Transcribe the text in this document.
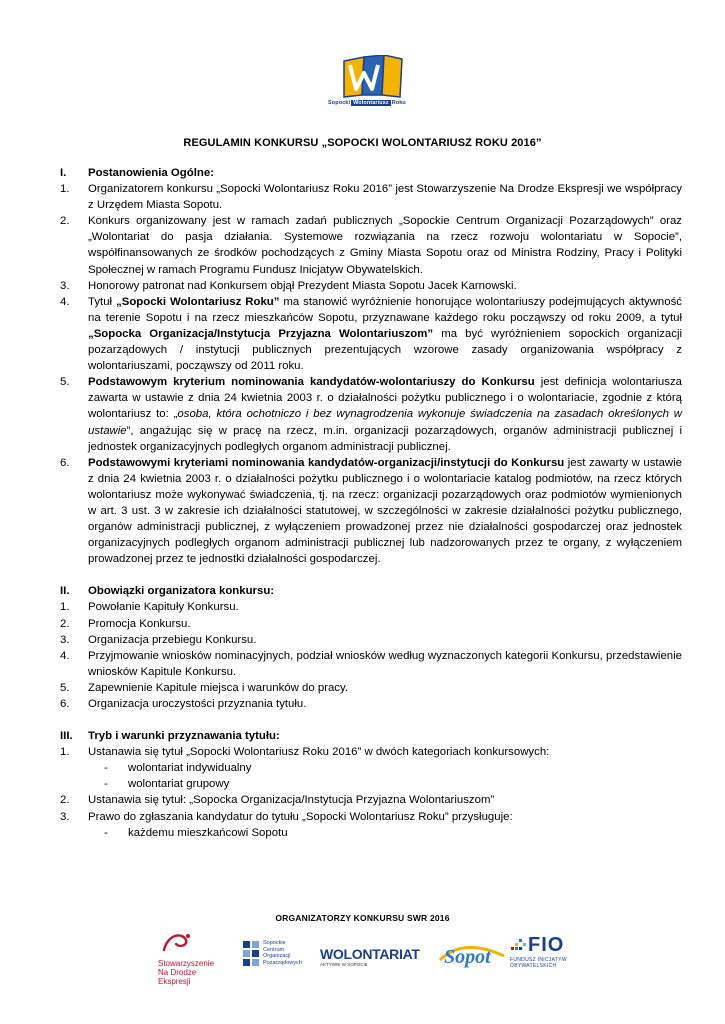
Sopocki Wolontariusz Roku
REGULAMIN KONKURSU „SOPOCKI WOLONTARIUSZ ROKU 2016”
I.	Postanowienia Ogólne:
1.	Organizatorem konkursu „Sopocki Wolontariusz Roku 2016” jest Stowarzyszenie Na Drodze Ekspresji we współpracy z Urzędem Miasta Sopotu.
2.	Konkurs organizowany jest w ramach zadań publicznych „Sopockie Centrum Organizacji Pozarządowych” oraz „Wolontariat do pasja działania. Systemowe rozwiązania na rzecz rozwoju wolontariatu w Sopocie”, współfinansowanych ze środków pochodzących z Gminy Miasta Sopotu oraz od Ministra Rodziny, Pracy i Polityki Społecznej w ramach Programu Fundusz Inicjatyw Obywatelskich.
3.	Honorowy patronat nad Konkursem objął Prezydent Miasta Sopotu Jacek Karnowski.
4.	Tytuł „Sopocki Wolontariusz Roku” ma stanowić wyróżnienie honorujące wolontariuszy podejmujących aktywność na terenie Sopotu i na rzecz mieszkańców Sopotu, przyznawane każdego roku począwszy od roku 2009, a tytuł „Sopocka Organizacja/Instytucja Przyjazna Wolontariuszom” ma być wyróżnieniem sopockich organizacji pozarządowych / instytucji publicznych prezentujących wzorowe zasady organizowania współpracy z wolontariuszami, począwszy od 2011 roku.
5.	Podstawowym kryterium nominowania kandydatów-wolontariuszy do Konkursu jest definicja wolontariusza zawarta w ustawie z dnia 24 kwietnia 2003 r. o działalności pożytku publicznego i o wolontariacie, zgodnie z którą wolontariusz to: „osoba, która ochotniczo i bez wynagrodzenia wykonuje świadczenia na zasadach określonych w ustawie”, angażując się w pracę na rzecz, m.in. organizacji pozarządowych, organów administracji publicznej i jednostek organizacyjnych podległych organom administracji publicznej.
6.	Podstawowymi kryteriami nominowania kandydatów-organizacji/instytucji do Konkursu jest zawarty w ustawie z dnia 24 kwietnia 2003 r. o działalności pożytku publicznego i o wolontariacie katalog podmiotów, na rzecz których wolontariusz może wykonywać świadczenia, tj. na rzecz: organizacji pozarządowych oraz podmiotów wymienionych w art. 3 ust. 3 w zakresie ich działalności statutowej, w szczególności w zakresie działalności pożytku publicznego, organów administracji publicznej, z wyłączeniem prowadzonej przez nie działalności gospodarczej oraz jednostek organizacyjnych podległych organom administracji publicznej lub nadzorowanych przez te organy, z wyłączeniem prowadzonej przez te jednostki działalności gospodarczej.
II.	Obowiązki organizatora konkursu:
1.	Powołanie Kapituły Konkursu.
2.	Promocja Konkursu.
3.	Organizacja przebiegu Konkursu.
4.	Przyjmowanie wniosków nominacyjnych, podział wniosków według wyznaczonych kategorii Konkursu, przedstawienie wniosków Kapitule Konkursu.
5.	Zapewnienie Kapitule miejsca i warunków do pracy.
6.	Organizacja uroczystości przyznania tytułu.
III.	Tryb i warunki przyznawania tytułu:
1.	Ustanawia się tytuł „Sopocki Wolontariusz Roku 2016” w dwóch kategoriach konkursowych:
-	wolontariat indywidualny
-	wolontariat grupowy
2.	Ustanawia się tytuł: „Sopocka Organizacja/Instytucja Przyjazna Wolontariuszom”
3.	Prawo do zgłaszania kandydatur do tytułu „Sopocki Wolontariusz Roku” przysługuje:
-	każdemu mieszkańcowi Sopotu
ORGANIZATORZY KONKURSU SWR 2016
Stowarzyszenie
Na Drodze Ekspresji
Sopockie
Centrum
Organizacji
Pozarządowych
WOLONTARIAT
AKTYWNI W SOPOCIE	Sopot
FIO
FUNDUSZ INICJATYW
OBYWATELSKICH
